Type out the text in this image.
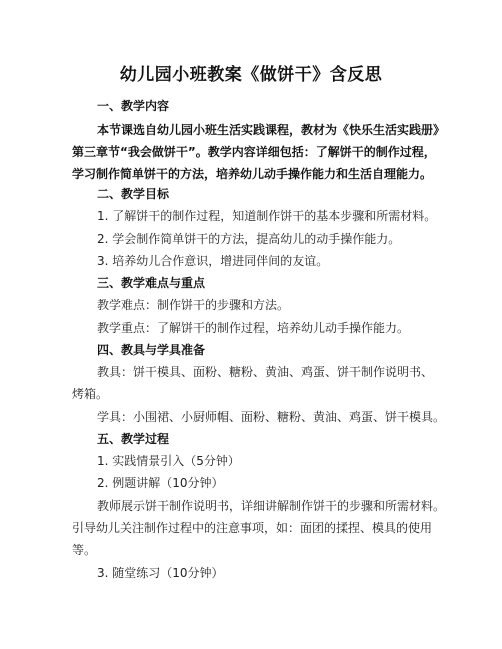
幼儿园小班教案《做饼干》含反思
一、教学内容
本节课选自幼儿园小班生活实践课程，教材为《快乐生活实践册》
第三章节“我会做饼干”。教学内容详细包括：了解饼干的制作过程，
学习制作简单饼干的方法，培养幼儿动手操作能力和生活自理能力。
二、教学目标
1. 了解饼干的制作过程，知道制作饼干的基本步骤和所需材料。
2. 学会制作简单饼干的方法，提高幼儿的动手操作能力。
3. 培养幼儿合作意识，增进同伴间的友谊。
三、教学难点与重点
教学难点：制作饼干的步骤和方法。
教学重点：了解饼干的制作过程，培养幼儿动手操作能力。
四、教具与学具准备
教具：饼干模具、面粉、糖粉、黄油、鸡蛋、饼干制作说明书、
烤箱。
学具：小围裙、小厨师帽、面粉、糖粉、黄油、鸡蛋、饼干模具。
五、教学过程
1. 实践情景引入（5分钟）
2. 例题讲解（10分钟）
教师展示饼干制作说明书，详细讲解制作饼干的步骤和所需材料。
引导幼儿关注制作过程中的注意事项，如：面团的揉捏、模具的使用
等。
3. 随堂练习（10分钟）
